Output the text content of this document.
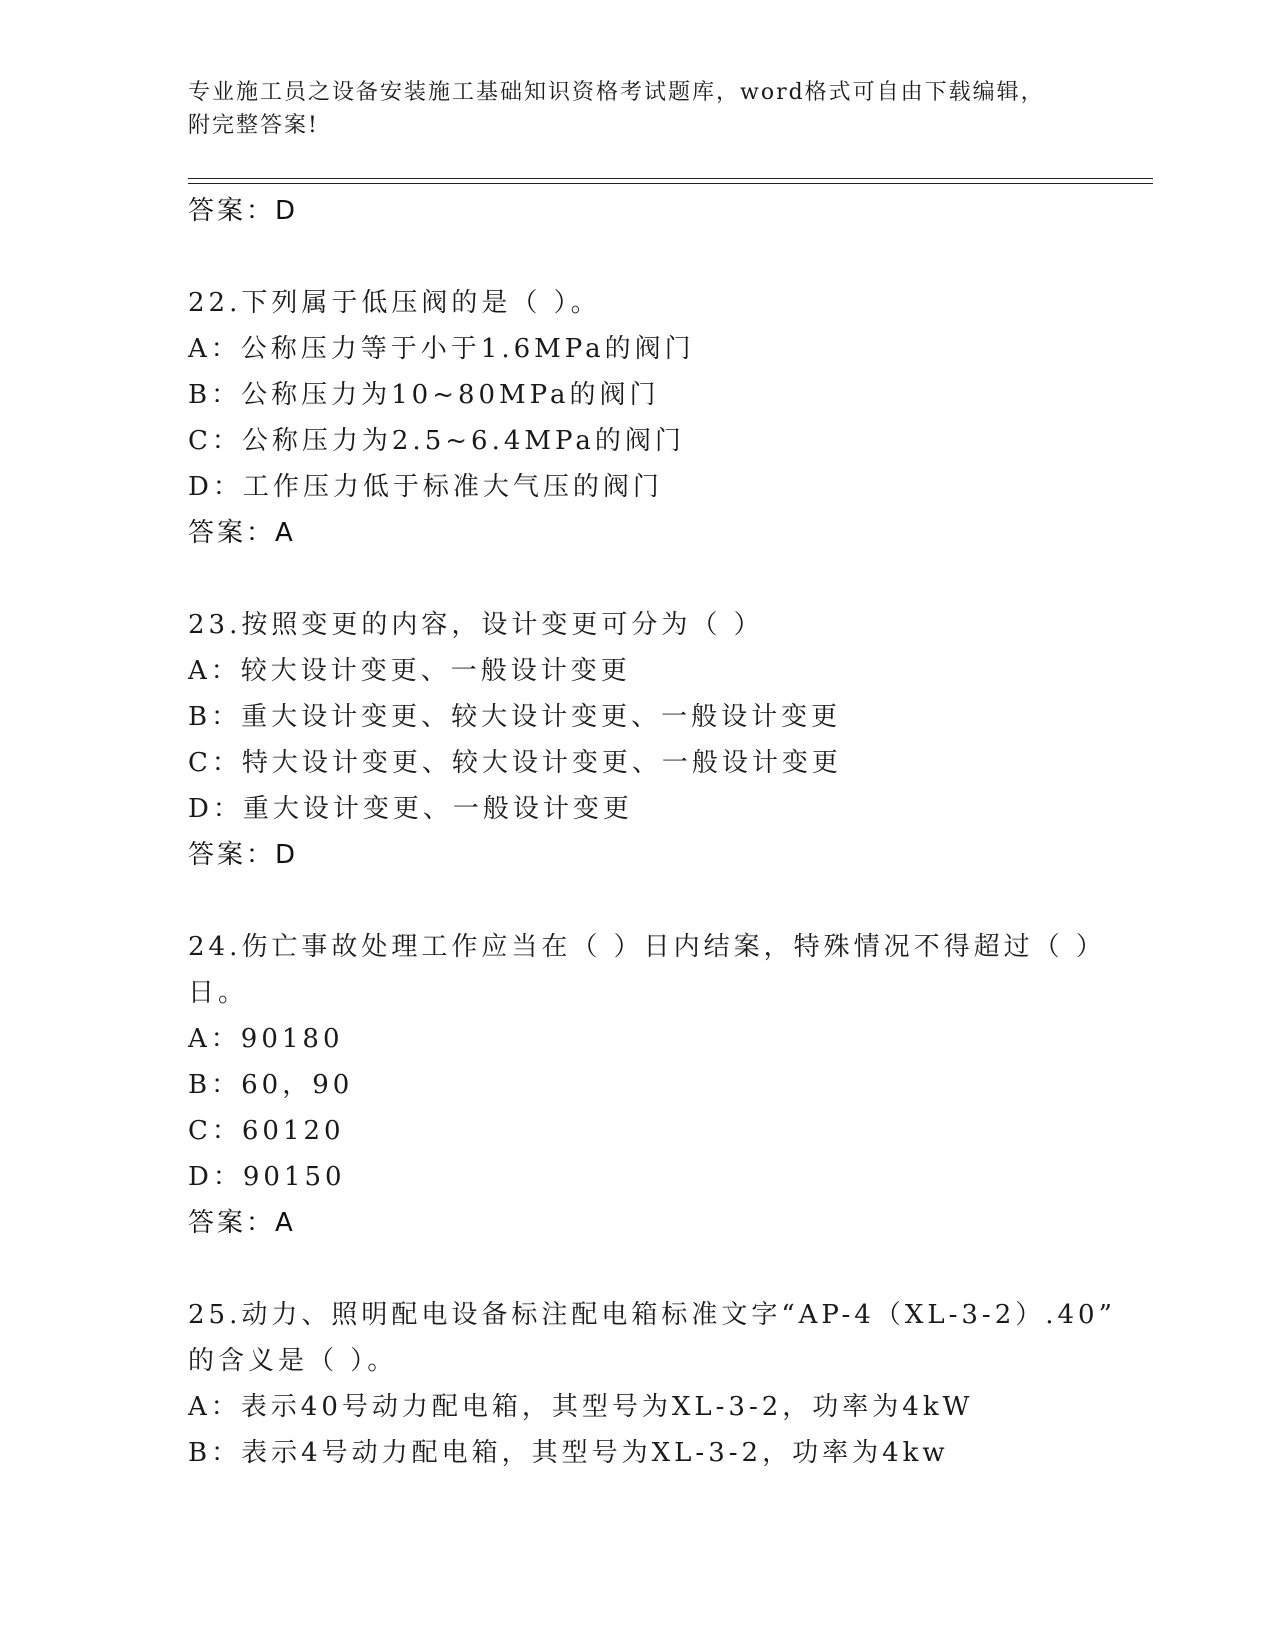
专业施工员之设备安装施工基础知识资格考试题库，word格式可自由下载编辑，
附完整答案!
答案：D
22.下列属于低压阀的是（ ）。
A：公称压力等于小于1.6MPa的阀门
B：公称压力为10~80MPa的阀门
C：公称压力为2.5~6.4MPa的阀门
D：工作压力低于标准大气压的阀门
答案：A
23.按照变更的内容，设计变更可分为（ ）
A：较大设计变更、一般设计变更
B：重大设计变更、较大设计变更、一般设计变更
C：特大设计变更、较大设计变更、一般设计变更
D：重大设计变更、一般设计变更
答案：D
24.伤亡事故处理工作应当在（ ）日内结案，特殊情况不得超过（ ）
日。
A：90180
B：60，90
C：60120
D：90150
答案：A
25.动力、照明配电设备标注配电箱标准文字“AP-4（XL-3-2）.40”
的含义是（ ）。
A：表示40号动力配电箱，其型号为XL-3-2，功率为4kW
B：表示4号动力配电箱，其型号为XL-3-2，功率为4kw
